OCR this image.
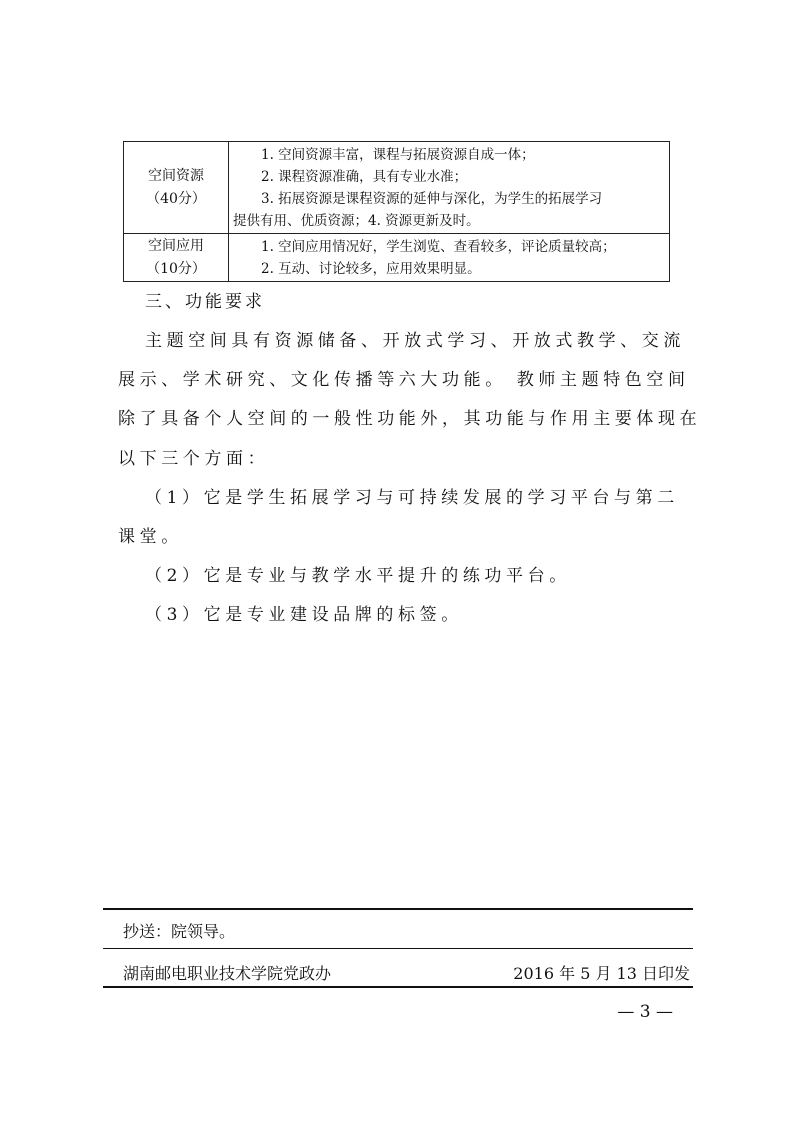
空间资源
（40分）	1. 空间资源丰富，课程与拓展资源自成一体；
2. 课程资源准确，具有专业水准；
3. 拓展资源是课程资源的延伸与深化，为学生的拓展学习
提供有用、优质资源；4. 资源更新及时。

空间应用
（10分）	1. 空间应用情况好，学生浏览、查看较多，评论质量较高；
2. 互动、讨论较多，应用效果明显。
三、功能要求
主题空间具有资源储备、开放式学习、开放式教学、交流
展示、学术研究、文化传播等六大功能。 教师主题特色空间
除了具备个人空间的一般性功能外，其功能与作用主要体现在
以下三个方面：
（1）它是学生拓展学习与可持续发展的学习平台与第二
课堂。
（2）它是专业与教学水平提升的练功平台。
（3）它是专业建设品牌的标签。
抄送：院领导。
湖南邮电职业技术学院党政办	2016 年 5 月 13 日印发
— 3 —
